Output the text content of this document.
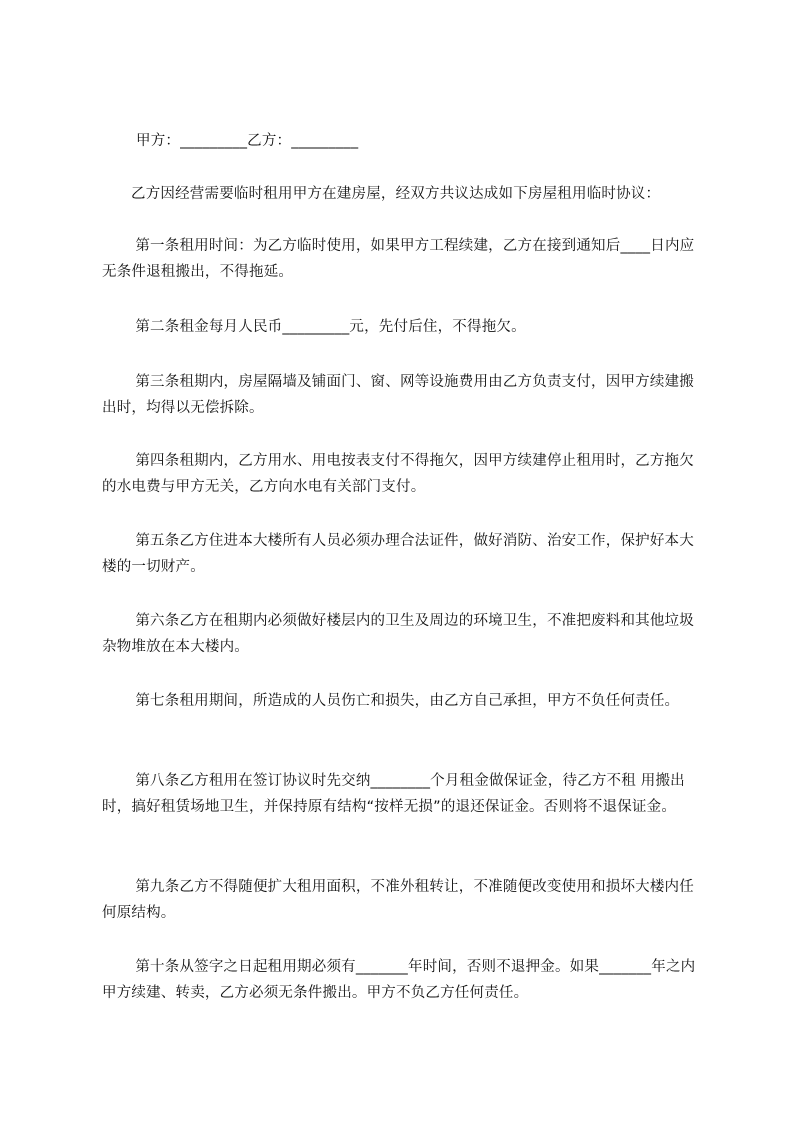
甲方：_________乙方：_________
乙方因经营需要临时租用甲方在建房屋，经双方共议达成如下房屋租用临时协议：
第一条租用时间：为乙方临时使用，如果甲方工程续建，乙方在接到通知后____日内应无条件退租搬出，不得拖延。
第二条租金每月人民币_________元，先付后住，不得拖欠。
第三条租期内，房屋隔墙及铺面门、窗、网等设施费用由乙方负责支付，因甲方续建搬出时，均得以无偿拆除。
第四条租期内，乙方用水、用电按表支付不得拖欠，因甲方续建停止租用时，乙方拖欠的水电费与甲方无关，乙方向水电有关部门支付。
第五条乙方住进本大楼所有人员必须办理合法证件，做好消防、治安工作，保护好本大楼的一切财产。
第六条乙方在租期内必须做好楼层内的卫生及周边的环境卫生，不准把废料和其他垃圾杂物堆放在本大楼内。
第七条租用期间，所造成的人员伤亡和损失，由乙方自己承担，甲方不负任何责任。
第八条乙方租用在签订协议时先交纳________个月租金做保证金，待乙方不租 用搬出时，搞好租赁场地卫生，并保持原有结构“按样无损”的退还保证金。否则将不退保证金。
第九条乙方不得随便扩大租用面积，不准外租转让，不准随便改变使用和损坏大楼内任何原结构。
第十条从签字之日起租用期必须有_______年时间，否则不退押金。如果_______年之内甲方续建、转卖，乙方必须无条件搬出。甲方不负乙方任何责任。
